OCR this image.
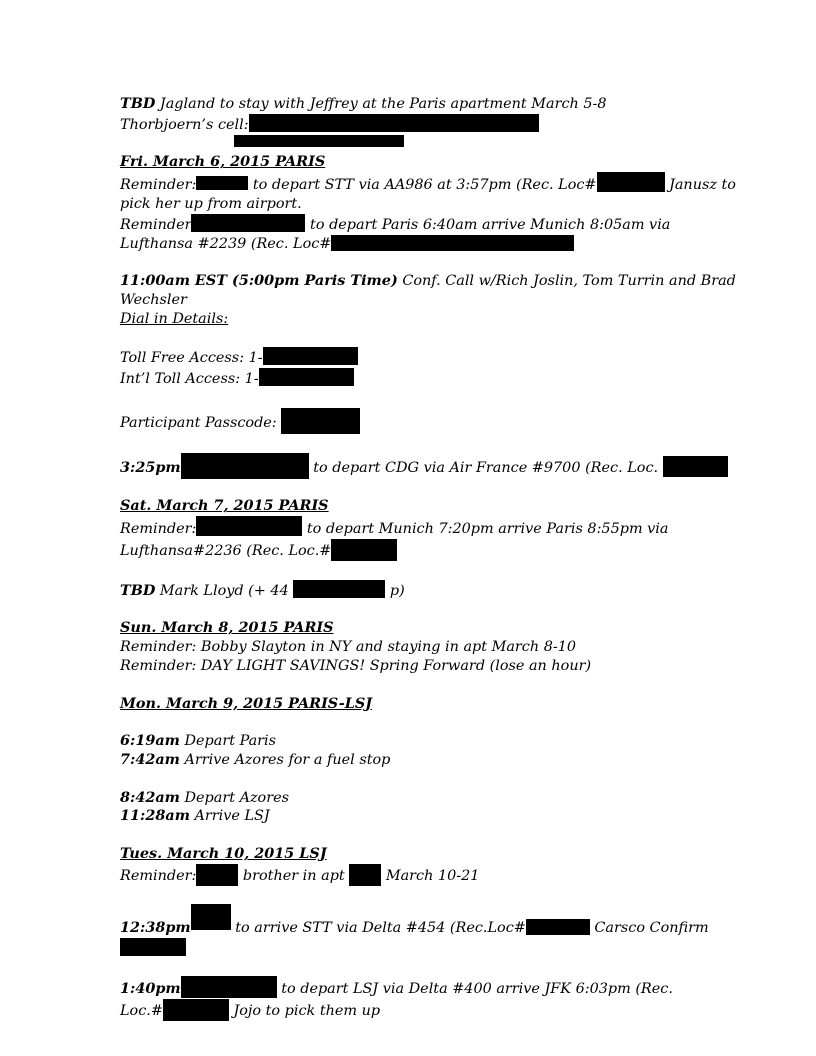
TBD Jagland to stay with Jeffrey at the Paris apartment March 5-8
Thorbjoern’s cell:
Fri. March 6, 2015 PARIS
Reminder:	to depart STT via AA986 at 3:57pm (Rec. Loc#	Janusz to
pick her up from airport.
Reminder	to depart Paris 6:40am arrive Munich 8:05am via
Lufthansa #2239 (Rec. Loc#
11:00am EST (5:00pm Paris Time) Conf. Call w/Rich Joslin, Tom Turrin and Brad
Wechsler
Dial in Details:
Toll Free Access: 1-
Int’l Toll Access: 1-
Participant Passcode:
3:25pm	to depart CDG via Air France #9700 (Rec. Loc.
Sat. March 7, 2015 PARIS
Reminder:	to depart Munich 7:20pm arrive Paris 8:55pm via
Lufthansa#2236 (Rec. Loc.#
TBD Mark Lloyd (+ 44	p)
Sun. March 8, 2015 PARIS
Reminder: Bobby Slayton in NY and staying in apt March 8-10
Reminder: DAY LIGHT SAVINGS! Spring Forward (lose an hour)
Mon. March 9, 2015 PARIS-LSJ
6:19am Depart Paris
7:42am Arrive Azores for a fuel stop
8:42am Depart Azores
11:28am Arrive LSJ
Tues. March 10, 2015 LSJ
Reminder:	brother in apt  March 10-21
12:38pm	to arrive STT via Delta #454 (Rec.Loc#	Carsco Confirm
1:40pm	to depart LSJ via Delta #400 arrive JFK 6:03pm (Rec.
Loc.#	Jojo to pick them up
